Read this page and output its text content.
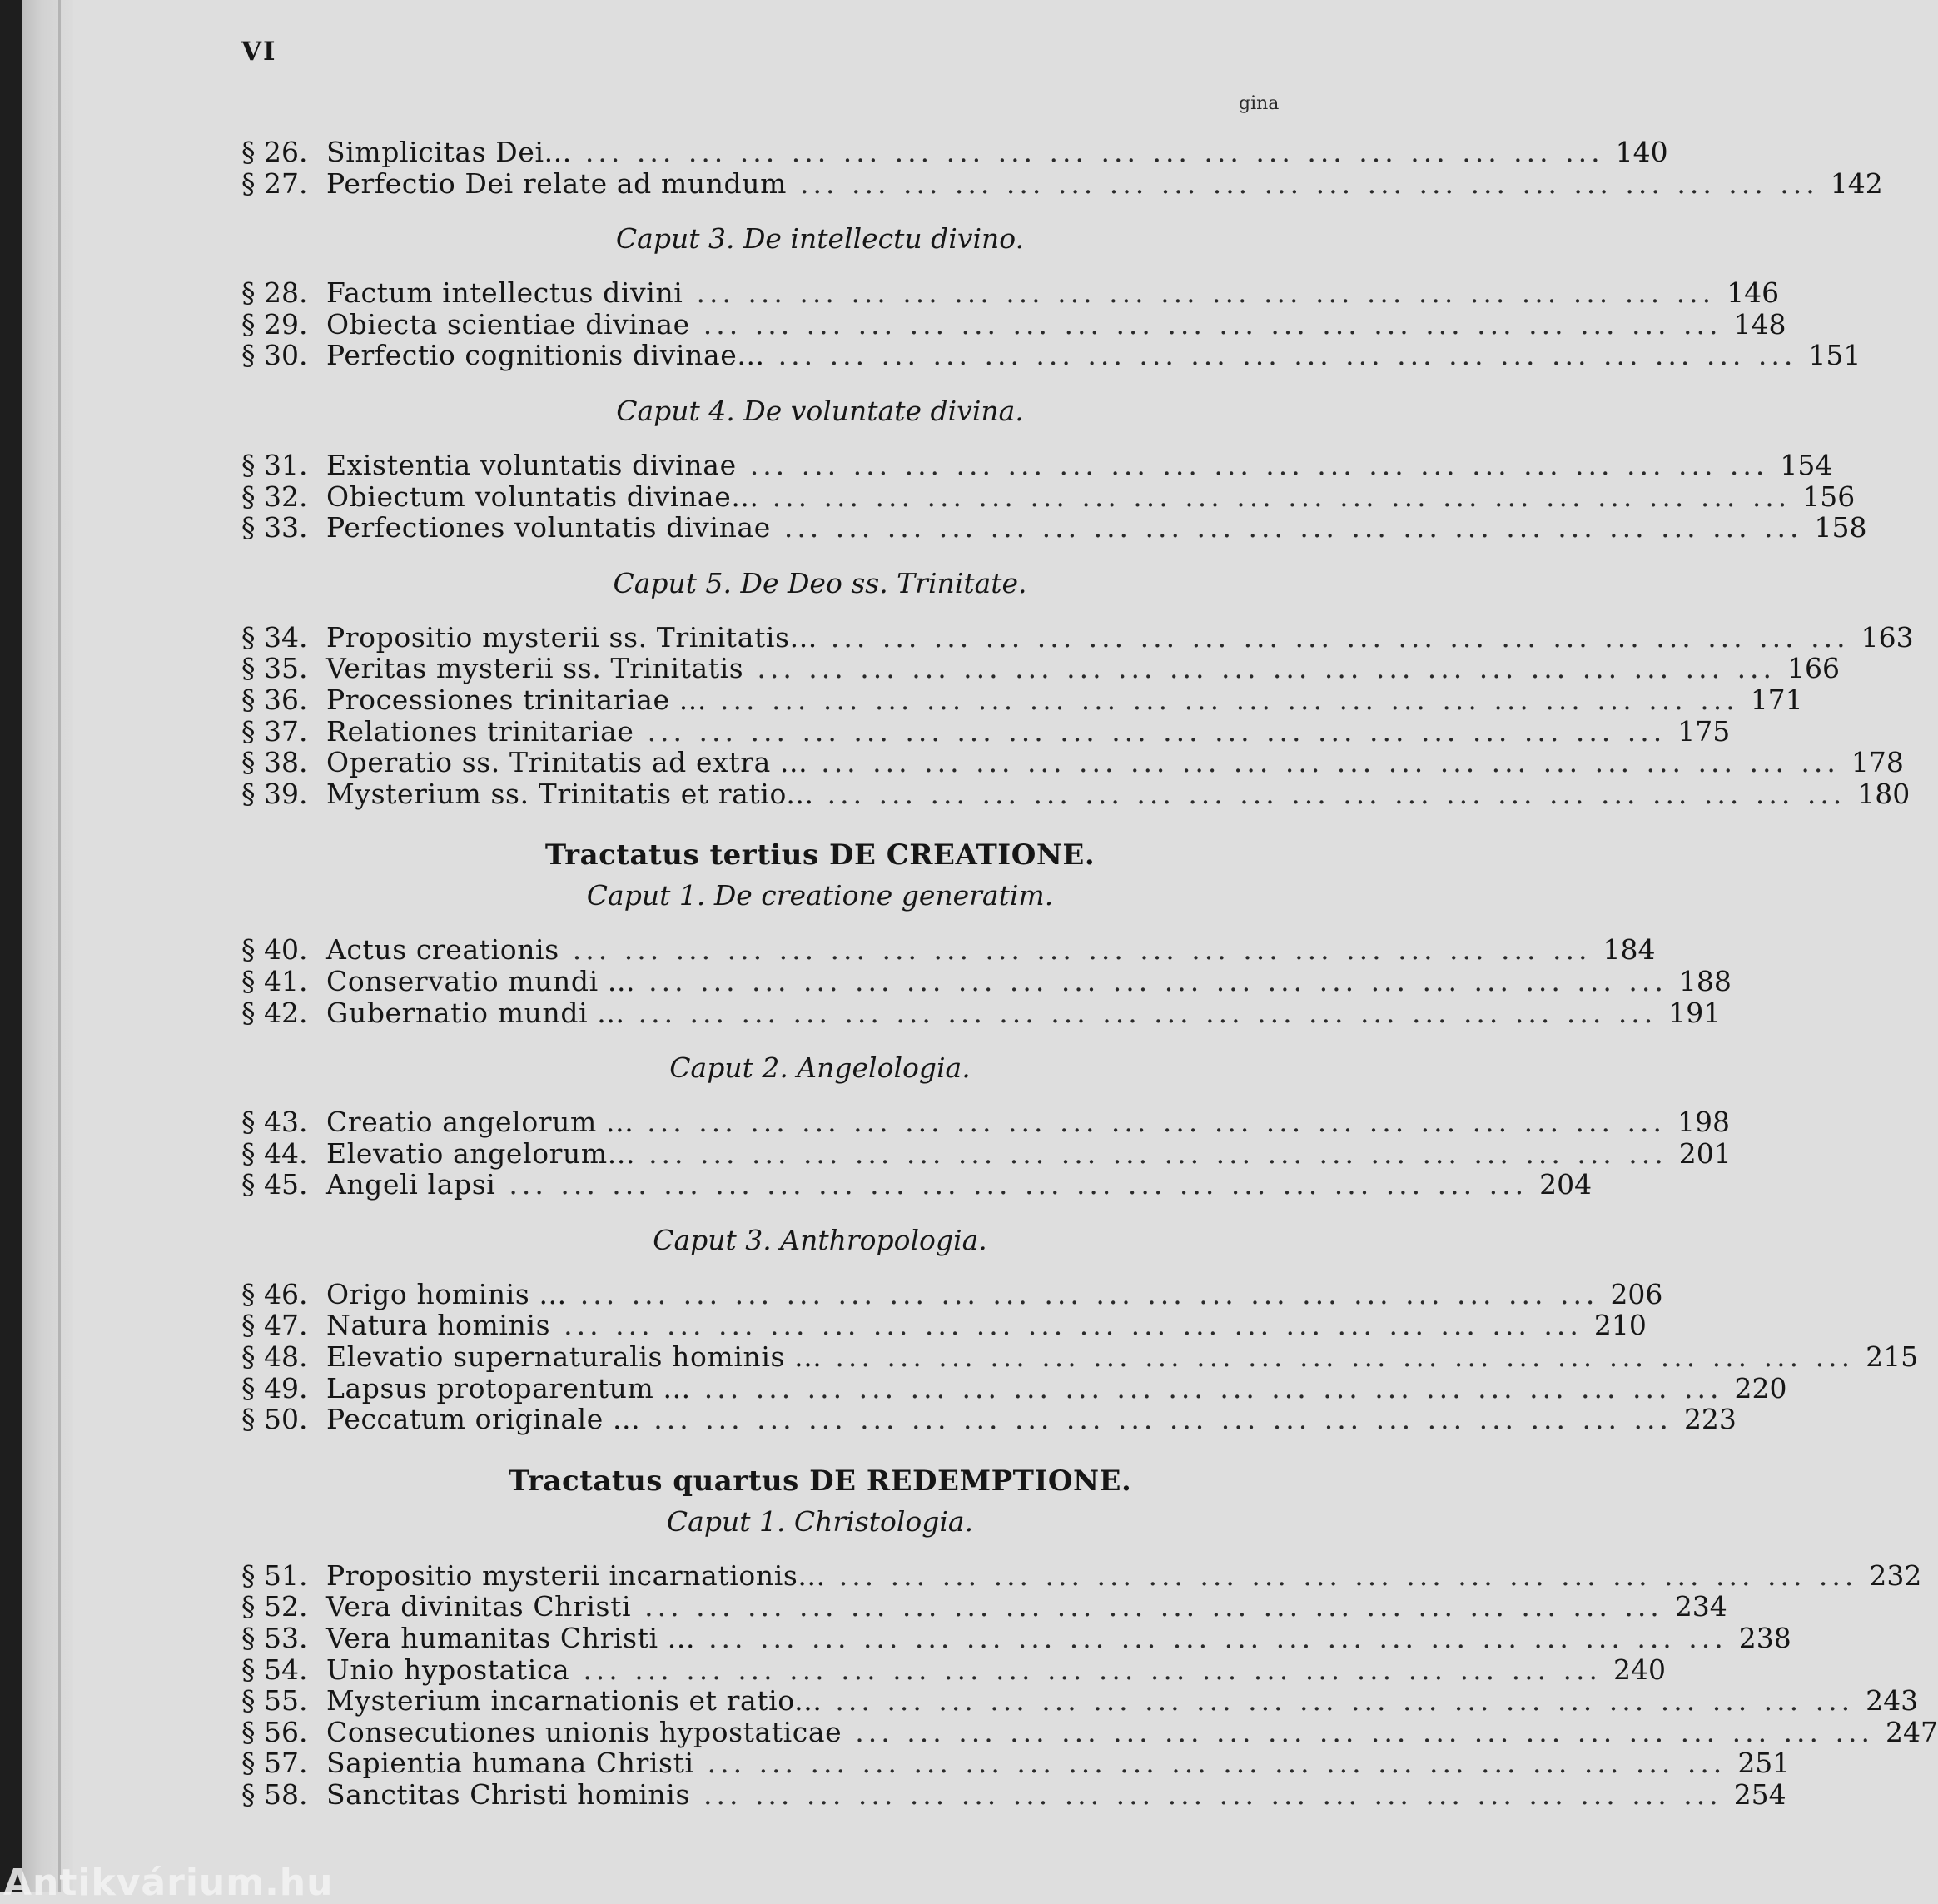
VI
gina
§ 26. Simplicitas Dei... ... ... ... ... ... ... ... ... ... ... ... ... ... ... ... ... ... ... ... ... 140
§ 27. Perfectio Dei relate ad mundum ... ... ... ... ... ... ... ... ... ... ... ... ... ... ... ... ... ... ... ... 142
Caput 3. De intellectu divino.
§ 28. Factum intellectus divini ... ... ... ... ... ... ... ... ... ... ... ... ... ... ... ... ... ... ... ... 146
§ 29. Obiecta scientiae divinae ... ... ... ... ... ... ... ... ... ... ... ... ... ... ... ... ... ... ... ... 148
§ 30. Perfectio cognitionis divinae... ... ... ... ... ... ... ... ... ... ... ... ... ... ... ... ... ... ... ... ... 151
Caput 4. De voluntate divina.
§ 31. Existentia voluntatis divinae ... ... ... ... ... ... ... ... ... ... ... ... ... ... ... ... ... ... ... ... 154
§ 32. Obiectum voluntatis divinae... ... ... ... ... ... ... ... ... ... ... ... ... ... ... ... ... ... ... ... ... 156
§ 33. Perfectiones voluntatis divinae ... ... ... ... ... ... ... ... ... ... ... ... ... ... ... ... ... ... ... ... 158
Caput 5. De Deo ss. Trinitate.
§ 34. Propositio mysterii ss. Trinitatis... ... ... ... ... ... ... ... ... ... ... ... ... ... ... ... ... ... ... ... ... 163
§ 35. Veritas mysterii ss. Trinitatis ... ... ... ... ... ... ... ... ... ... ... ... ... ... ... ... ... ... ... ... 166
§ 36. Processiones trinitariae ... ... ... ... ... ... ... ... ... ... ... ... ... ... ... ... ... ... ... ... ... 171
§ 37. Relationes trinitariae ... ... ... ... ... ... ... ... ... ... ... ... ... ... ... ... ... ... ... ... 175
§ 38. Operatio ss. Trinitatis ad extra ... ... ... ... ... ... ... ... ... ... ... ... ... ... ... ... ... ... ... ... ... 178
§ 39. Mysterium ss. Trinitatis et ratio... ... ... ... ... ... ... ... ... ... ... ... ... ... ... ... ... ... ... ... ... 180
Tractatus tertius DE CREATIONE.
Caput 1. De creatione generatim.
§ 40. Actus creationis ... ... ... ... ... ... ... ... ... ... ... ... ... ... ... ... ... ... ... ... 184
§ 41. Conservatio mundi ... ... ... ... ... ... ... ... ... ... ... ... ... ... ... ... ... ... ... ... ... 188
§ 42. Gubernatio mundi ... ... ... ... ... ... ... ... ... ... ... ... ... ... ... ... ... ... ... ... ... 191
Caput 2. Angelologia.
§ 43. Creatio angelorum ... ... ... ... ... ... ... ... ... ... ... ... ... ... ... ... ... ... ... ... ... 198
§ 44. Elevatio angelorum... ... ... ... ... ... ... ... ... ... ... ... ... ... ... ... ... ... ... ... ... 201
§ 45. Angeli lapsi ... ... ... ... ... ... ... ... ... ... ... ... ... ... ... ... ... ... ... ... 204
Caput 3. Anthropologia.
§ 46. Origo hominis ... ... ... ... ... ... ... ... ... ... ... ... ... ... ... ... ... ... ... ... ... 206
§ 47. Natura hominis ... ... ... ... ... ... ... ... ... ... ... ... ... ... ... ... ... ... ... ... 210
§ 48. Elevatio supernaturalis hominis ... ... ... ... ... ... ... ... ... ... ... ... ... ... ... ... ... ... ... ... ... 215
§ 49. Lapsus protoparentum ... ... ... ... ... ... ... ... ... ... ... ... ... ... ... ... ... ... ... ... ... 220
§ 50. Peccatum originale ... ... ... ... ... ... ... ... ... ... ... ... ... ... ... ... ... ... ... ... ... 223
Tractatus quartus DE REDEMPTIONE.
Caput 1. Christologia.
§ 51. Propositio mysterii incarnationis... ... ... ... ... ... ... ... ... ... ... ... ... ... ... ... ... ... ... ... ... 232
§ 52. Vera divinitas Christi ... ... ... ... ... ... ... ... ... ... ... ... ... ... ... ... ... ... ... ... 234
§ 53. Vera humanitas Christi ... ... ... ... ... ... ... ... ... ... ... ... ... ... ... ... ... ... ... ... ... 238
§ 54. Unio hypostatica ... ... ... ... ... ... ... ... ... ... ... ... ... ... ... ... ... ... ... ... 240
§ 55. Mysterium incarnationis et ratio... ... ... ... ... ... ... ... ... ... ... ... ... ... ... ... ... ... ... ... ... 243
§ 56. Consecutiones unionis hypostaticae ... ... ... ... ... ... ... ... ... ... ... ... ... ... ... ... ... ... ... ... 247
§ 57. Sapientia humana Christi ... ... ... ... ... ... ... ... ... ... ... ... ... ... ... ... ... ... ... ... 251
§ 58. Sanctitas Christi hominis ... ... ... ... ... ... ... ... ... ... ... ... ... ... ... ... ... ... ... ... 254
Antikvárium.hu
